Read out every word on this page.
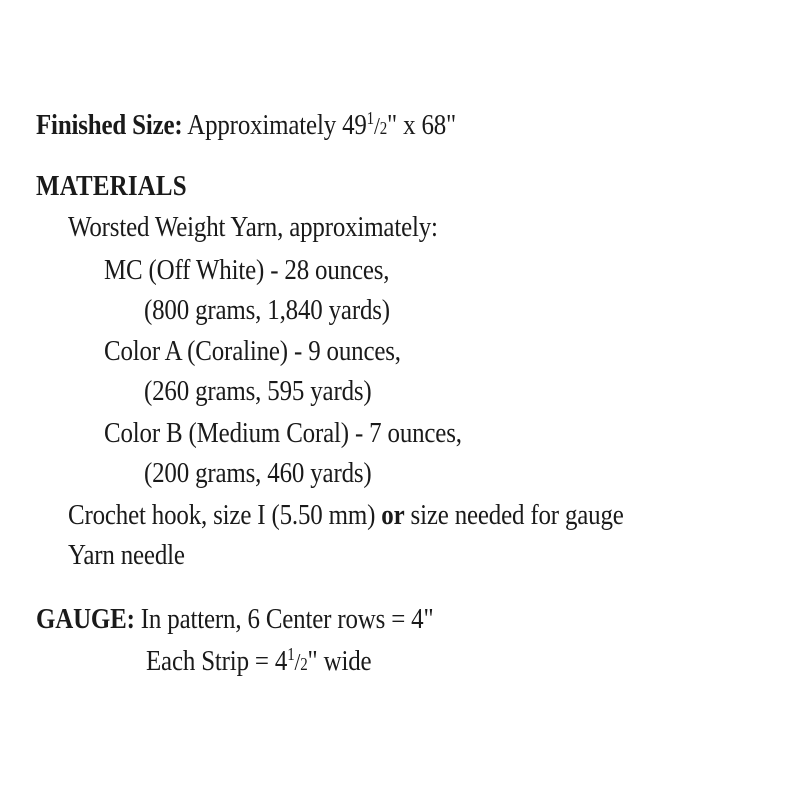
Finished Size: Approximately $49^1/2$" x 68"
MATERIALS
Worsted Weight Yarn, approximately:
MC (Off White) - 28 ounces,
(800 grams, 1,840 yards)
Color A (Coraline) - 9 ounces,
(260 grams, 595 yards)
Color B (Medium Coral) - 7 ounces,
(200 grams, 460 yards)
Crochet hook, size I (5.50 mm) or size needed for gauge
Yarn needle
GAUGE: In pattern, 6 Center rows = 4"
Each Strip = $4^1/2$" wide
